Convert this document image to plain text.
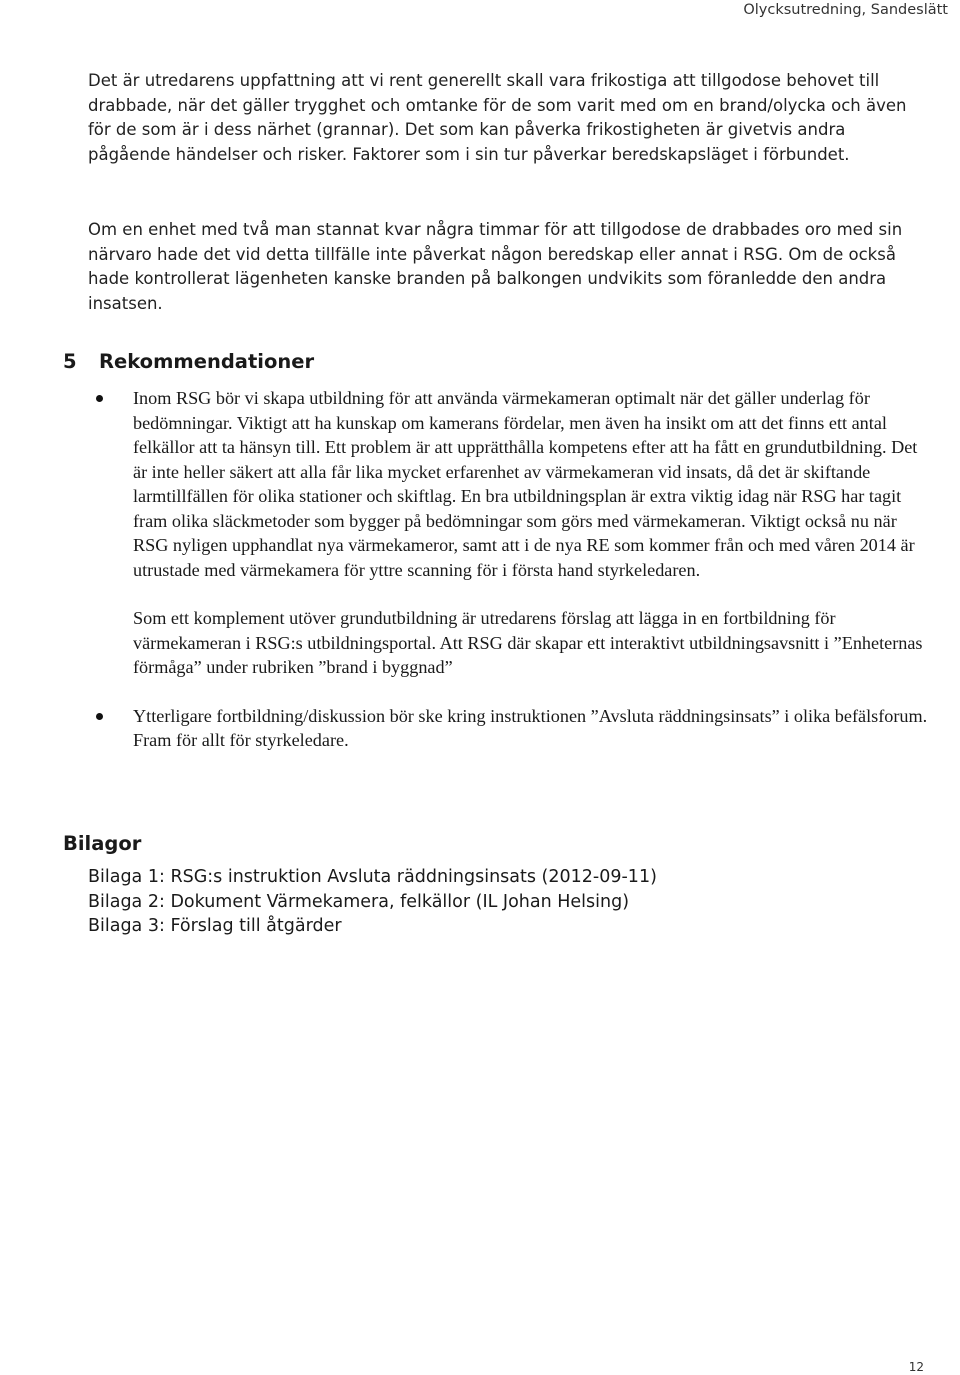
Olycksutredning, Sandeslätt

Det är utredarens uppfattning att vi rent generellt skall vara frikostiga att tillgodose behovet till drabbade, när det gäller trygghet och omtanke för de som varit med om en brand/olycka och även för de som är i dess närhet (grannar). Det som kan påverka frikostigheten är givetvis andra pågående händelser och risker. Faktorer som i sin tur påverkar beredskapsläget i förbundet.

Om en enhet med två man stannat kvar några timmar för att tillgodose de drabbades oro med sin närvaro hade det vid detta tillfälle inte påverkat någon beredskap eller annat i RSG. Om de också hade kontrollerat lägenheten kanske branden på balkongen undvikits som föranledde den andra insatsen.

5 Rekommendationer

Inom RSG bör vi skapa utbildning för att använda värmekameran optimalt när det gäller underlag för bedömningar. Viktigt att ha kunskap om kamerans fördelar, men även ha insikt om att det finns ett antal felkällor att ta hänsyn till. Ett problem är att upprätthålla kompetens efter att ha fått en grundutbildning. Det är inte heller säkert att alla får lika mycket erfarenhet av värmekameran vid insats, då det är skiftande larmtillfällen för olika stationer och skiftlag. En bra utbildningsplan är extra viktig idag när RSG har tagit fram olika släckmetoder som bygger på bedömningar som görs med värmekameran. Viktigt också nu när RSG nyligen upphandlat nya värmekameror, samt att i de nya RE som kommer från och med våren 2014 är utrustade med värmekamera för yttre scanning för i första hand styrkeledaren.

Som ett komplement utöver grundutbildning är utredarens förslag att lägga in en fortbildning för värmekameran i RSG:s utbildningsportal. Att RSG där skapar ett interaktivt utbildningsavsnitt i ”Enheternas förmåga” under rubriken ”brand i byggnad”

Ytterligare fortbildning/diskussion bör ske kring instruktionen ”Avsluta räddningsinsats” i olika befälsforum. Fram för allt för styrkeledare.

Bilagor
Bilaga 1: RSG:s instruktion Avsluta räddningsinsats (2012-09-11)
Bilaga 2: Dokument Värmekamera, felkällor (IL Johan Helsing)
Bilaga 3: Förslag till åtgärder
12
